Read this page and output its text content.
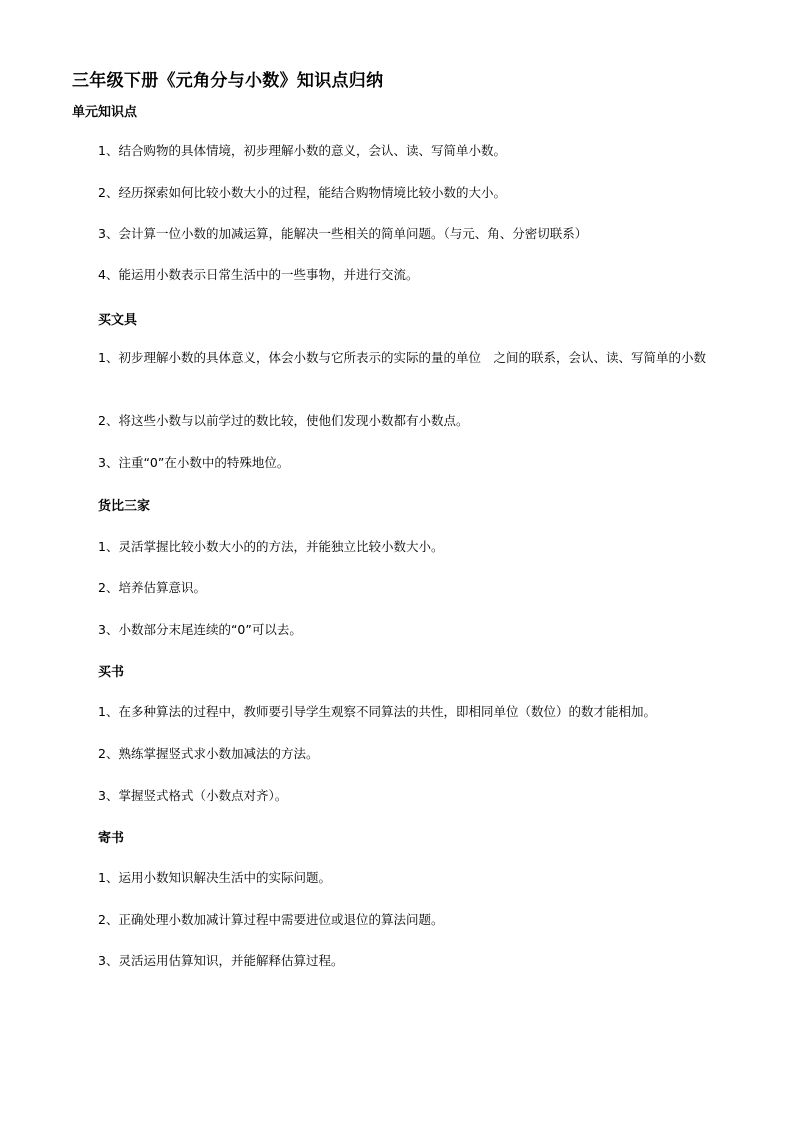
三年级下册《元角分与小数》知识点归纳
单元知识点

1、结合购物的具体情境，初步理解小数的意义，会认、读、写简单小数。

2、经历探索如何比较小数大小的过程，能结合购物情境比较小数的大小。

3、会计算一位小数的加减运算，能解决一些相关的简单问题。（与元、角、分密切联系）

4、能运用小数表示日常生活中的一些事物，并进行交流。

买文具

1、初步理解小数的具体意义，体会小数与它所表示的实际的量的单位　之间的联系，会认、读、写简单的小数

2、将这些小数与以前学过的数比较，使他们发现小数都有小数点。

3、注重“0”在小数中的特殊地位。

货比三家

1、灵活掌握比较小数大小的的方法，并能独立比较小数大小。

2、培养估算意识。

3、小数部分末尾连续的“0”可以去。

买书

1、在多种算法的过程中，教师要引导学生观察不同算法的共性，即相同单位（数位）的数才能相加。

2、熟练掌握竖式求小数加减法的方法。

3、掌握竖式格式（小数点对齐）。

寄书

1、运用小数知识解决生活中的实际问题。

2、正确处理小数加减计算过程中需要进位或退位的算法问题。

3、灵活运用估算知识，并能解释估算过程。
